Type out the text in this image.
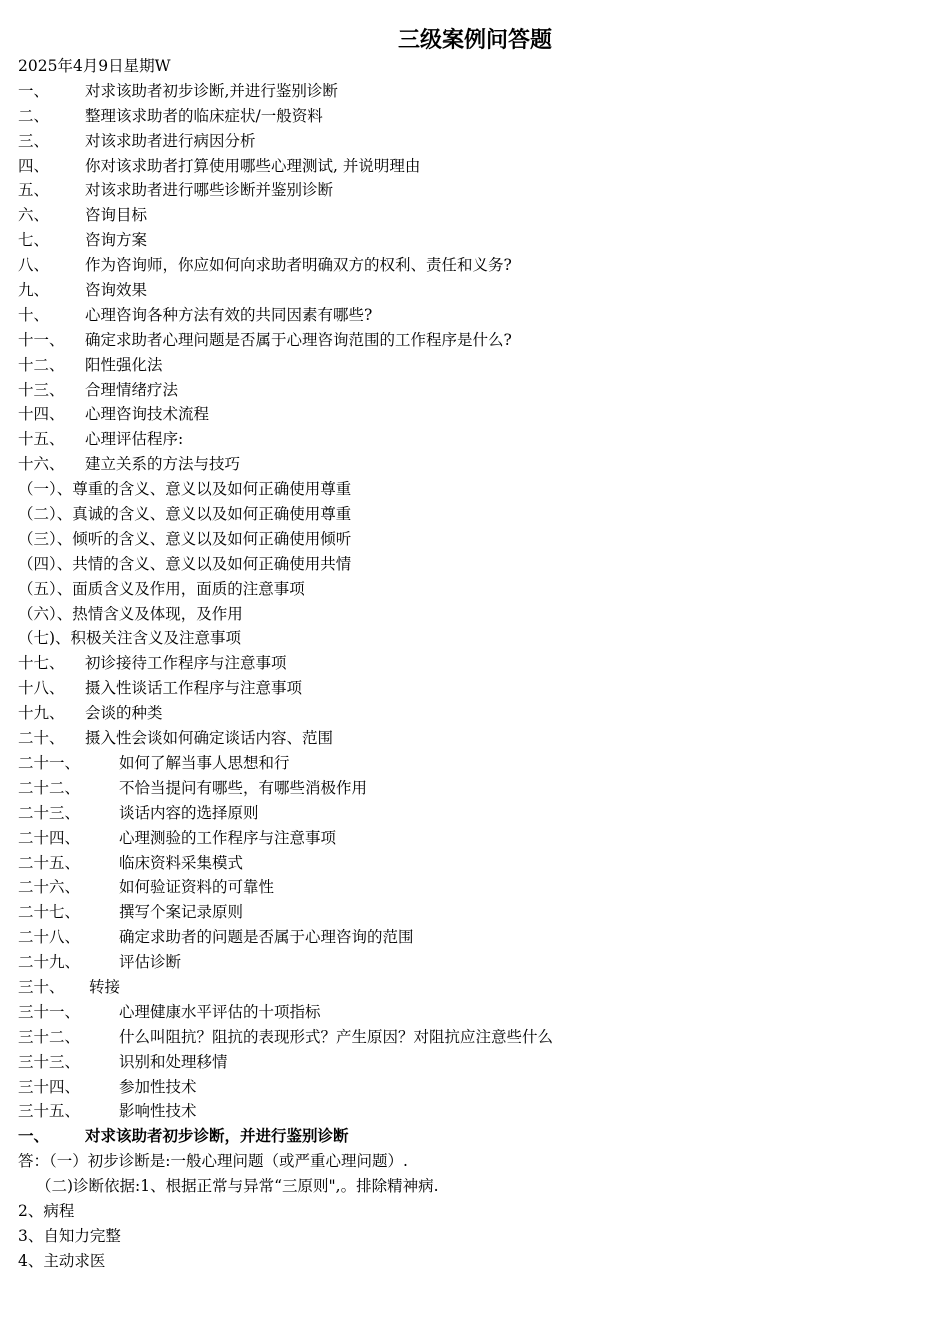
三级案例问答题
2025年4月9日星期W
一、 对求该助者初步诊断,并进行鉴别诊断
二、 整理该求助者的临床症状/一般资料
三、 对该求助者进行病因分析
四、 你对该求助者打算使用哪些心理测试, 并说明理由
五、 对该求助者进行哪些诊断并鉴别诊断
六、 咨询目标
七、 咨询方案
八、 作为咨询师，你应如何向求助者明确双方的权利、责任和义务?
九、 咨询效果
十、 心理咨询各种方法有效的共同因素有哪些?
十一、 确定求助者心理问题是否属于心理咨询范围的工作程序是什么?
十二、 阳性强化法
十三、 合理情绪疗法
十四、 心理咨询技术流程
十五、 心理评估程序:
十六、 建立关系的方法与技巧
（一）、尊重的含义、意义以及如何正确使用尊重
（二）、真诚的含义、意义以及如何正确使用尊重
（三）、倾听的含义、意义以及如何正确使用倾听
（四）、共情的含义、意义以及如何正确使用共情
（五）、面质含义及作用，面质的注意事项
（六）、热情含义及体现，及作用
（七)、积极关注含义及注意事项
十七、 初诊接待工作程序与注意事项
十八、 摄入性谈话工作程序与注意事项
十九、 会谈的种类
二十、 摄入性会谈如何确定谈话内容、范围
二十一、	如何了解当事人思想和行
二十二、	不恰当提问有哪些，有哪些消极作用
二十三、	谈话内容的选择原则
二十四、	心理测验的工作程序与注意事项
二十五、	临床资料采集模式
二十六、	如何验证资料的可靠性
二十七、	撰写个案记录原则
二十八、	确定求助者的问题是否属于心理咨询的范围
二十九、	评估诊断
三十、 转接
三十一、	心理健康水平评估的十项指标
三十二、	什么叫阻抗？阻抗的表现形式？产生原因？对阻抗应注意些什么
三十三、	识别和处理移情
三十四、	参加性技术
三十五、	影响性技术
一、 对求该助者初步诊断，并进行鉴别诊断
答：（一）初步诊断是:一般心理问题（或严重心理问题）.
（二)诊断依据:1、根据正常与异常“三原则",。排除精神病.
2、病程
3、自知力完整
4、主动求医
